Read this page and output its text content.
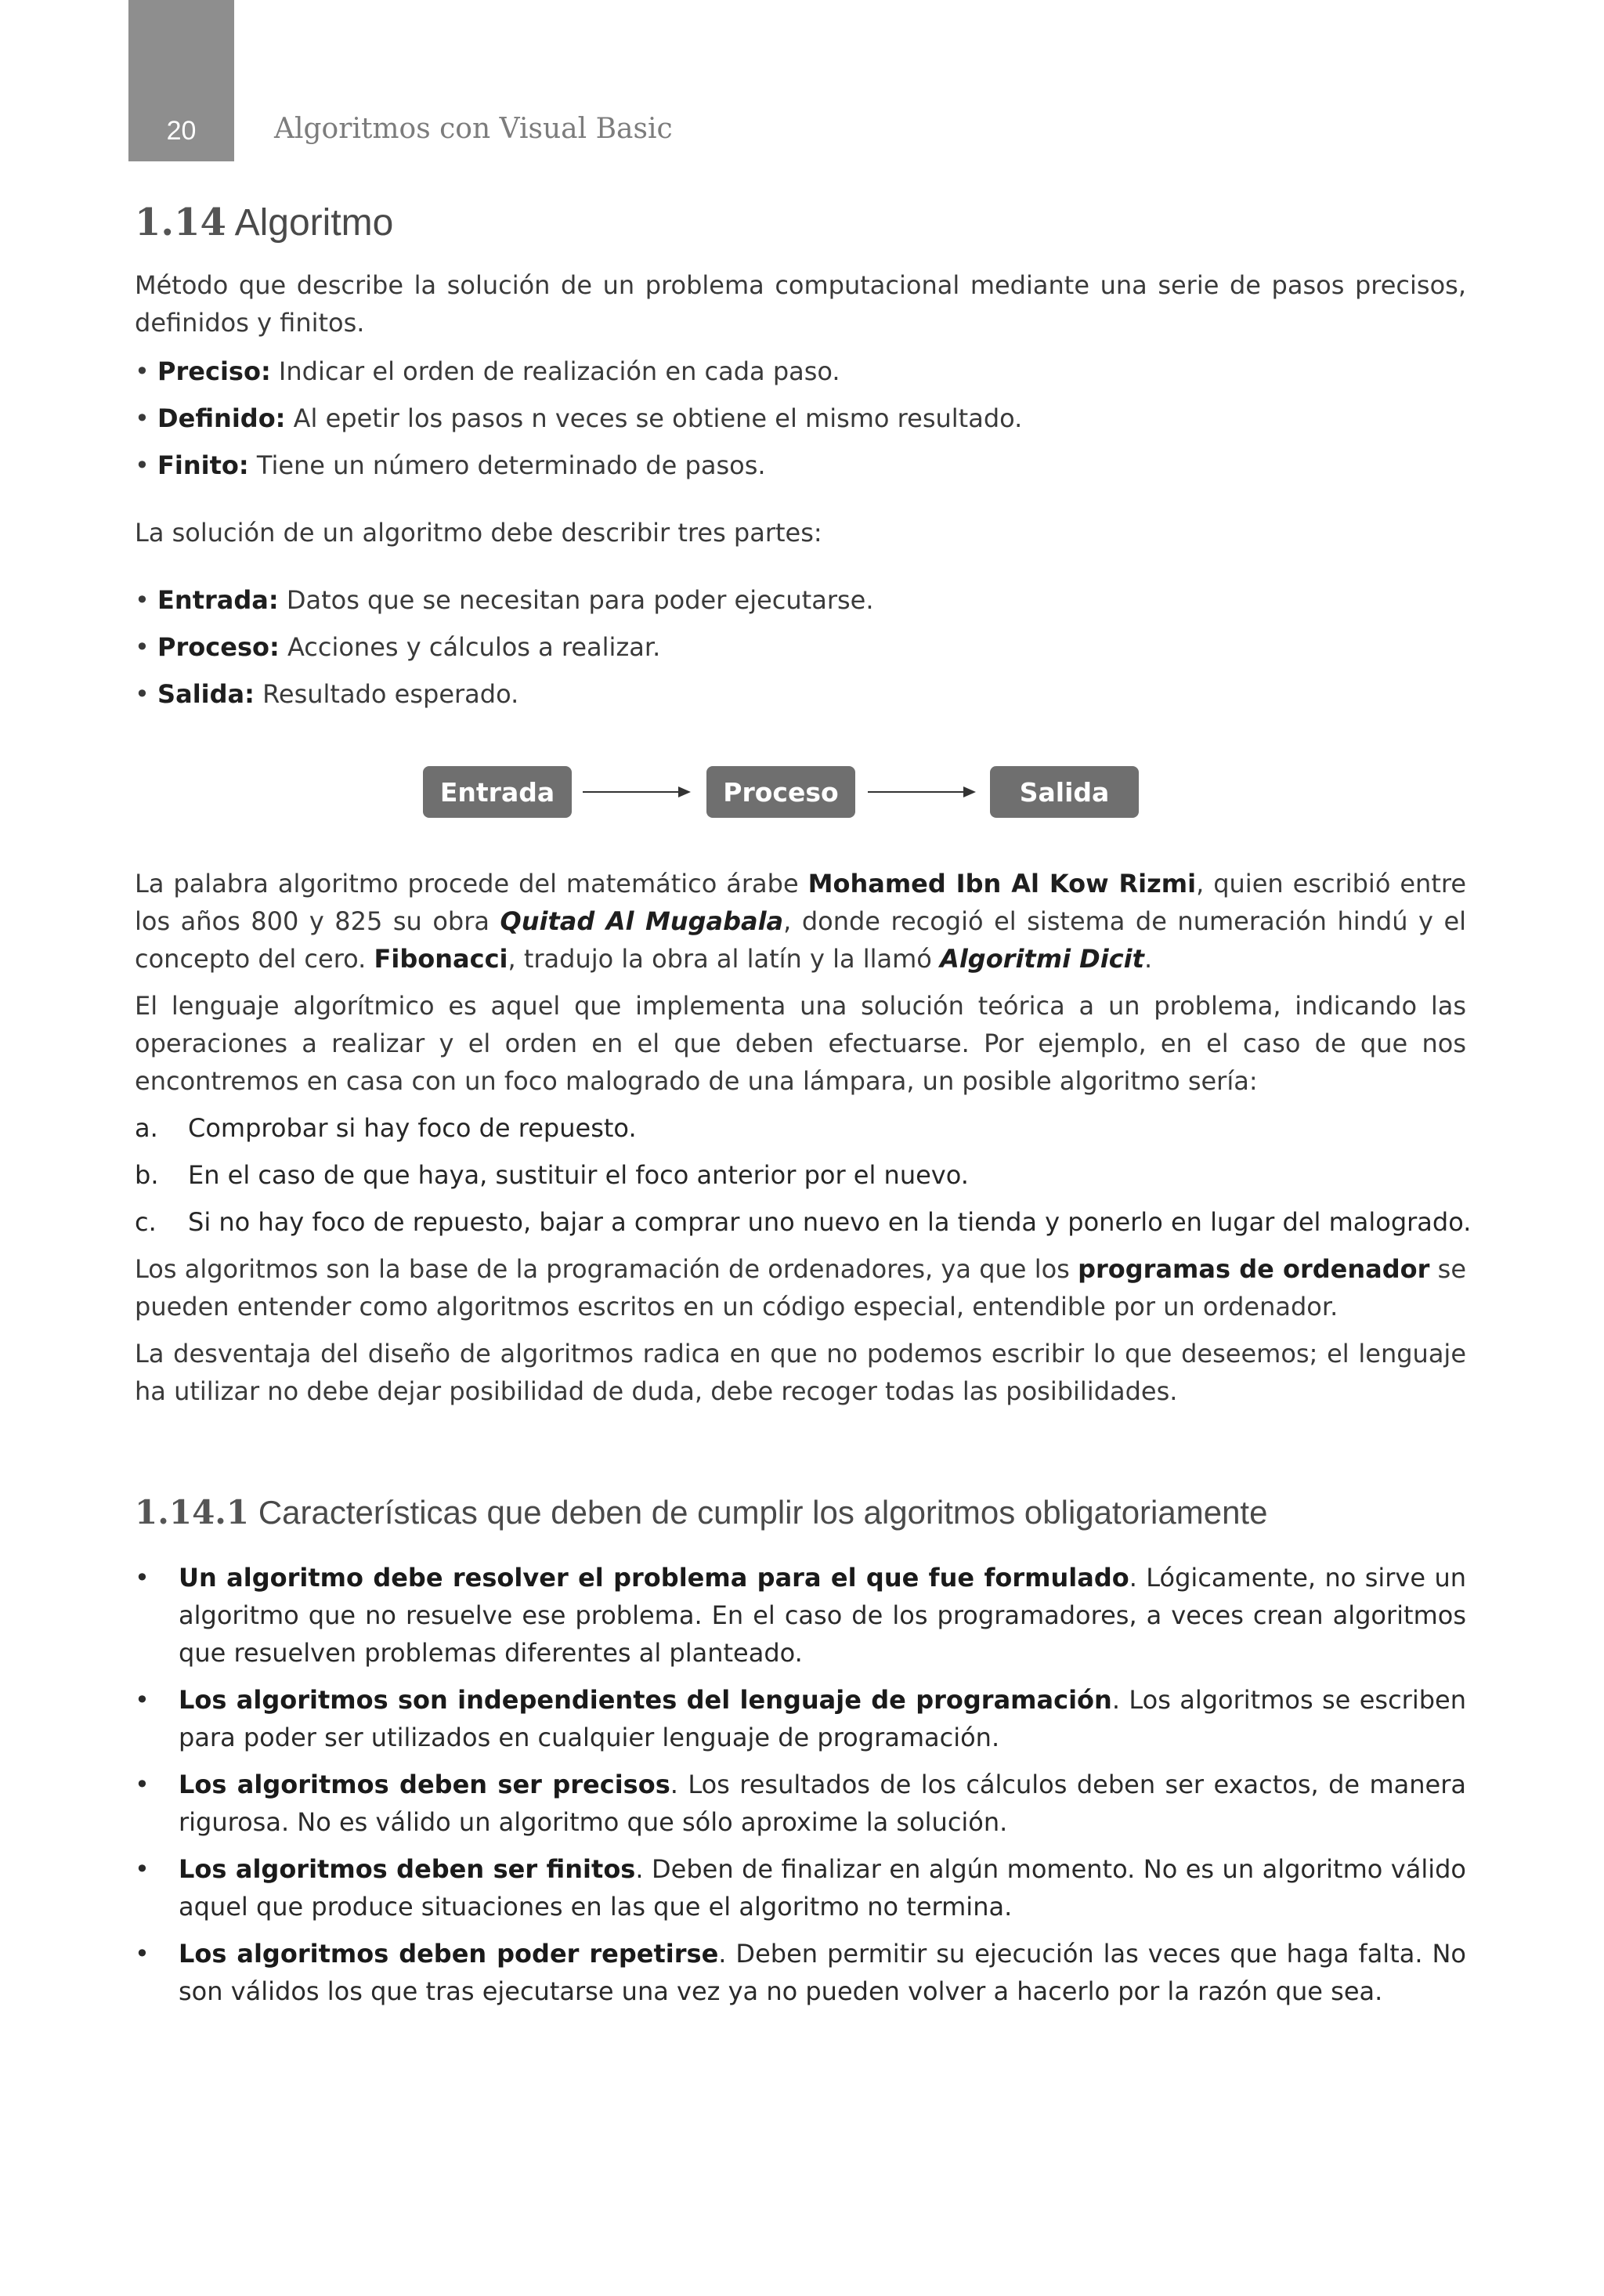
20	Algoritmos con Visual Basic
1.14 Algoritmo

Método que describe la solución de un problema computacional mediante una serie de pasos precisos, definidos y finitos.

• Preciso: Indicar el orden de realización en cada paso.
• Definido: Al epetir los pasos n veces se obtiene el mismo resultado.
• Finito: Tiene un número determinado de pasos.

La solución de un algoritmo debe describir tres partes:

• Entrada: Datos que se necesitan para poder ejecutarse.
• Proceso: Acciones y cálculos a realizar.
• Salida: Resultado esperado.
Entrada	Proceso	Salida

La palabra algoritmo procede del matemático árabe Mohamed Ibn Al Kow Rizmi, quien escribió entre los años 800 y 825 su obra Quitad Al Mugabala, donde recogió el sistema de numeración hindú y el concepto del cero. Fibonacci, tradujo la obra al latín y la llamó Algoritmi Dicit.

El lenguaje algorítmico es aquel que implementa una solución teórica a un problema, indicando las operaciones a realizar y el orden en el que deben efectuarse. Por ejemplo, en el caso de que nos encontremos en casa con un foco malogrado de una lámpara, un posible algoritmo sería:

a. Comprobar si hay foco de repuesto.
b. En el caso de que haya, sustituir el foco anterior por el nuevo.
c. Si no hay foco de repuesto, bajar a comprar uno nuevo en la tienda y ponerlo en lugar del malogrado.

Los algoritmos son la base de la programación de ordenadores, ya que los programas de ordenador se pueden entender como algoritmos escritos en un código especial, entendible por un ordenador.

La desventaja del diseño de algoritmos radica en que no podemos escribir lo que deseemos; el lenguaje ha utilizar no debe dejar posibilidad de duda, debe recoger todas las posibilidades.

1.14.1 Características que deben de cumplir los algoritmos obligatoriamente
• Un algoritmo debe resolver el problema para el que fue formulado. Lógicamente, no sirve un algoritmo que no resuelve ese problema. En el caso de los programadores, a veces crean algoritmos que resuelven problemas diferentes al planteado.
• Los algoritmos son independientes del lenguaje de programación. Los algoritmos se escriben para poder ser utilizados en cualquier lenguaje de programación.
• Los algoritmos deben ser precisos. Los resultados de los cálculos deben ser exactos, de manera rigurosa. No es válido un algoritmo que sólo aproxime la solución.
• Los algoritmos deben ser finitos. Deben de finalizar en algún momento. No es un algoritmo válido aquel que produce situaciones en las que el algoritmo no termina.
• Los algoritmos deben poder repetirse. Deben permitir su ejecución las veces que haga falta. No son válidos los que tras ejecutarse una vez ya no pueden volver a hacerlo por la razón que sea.
